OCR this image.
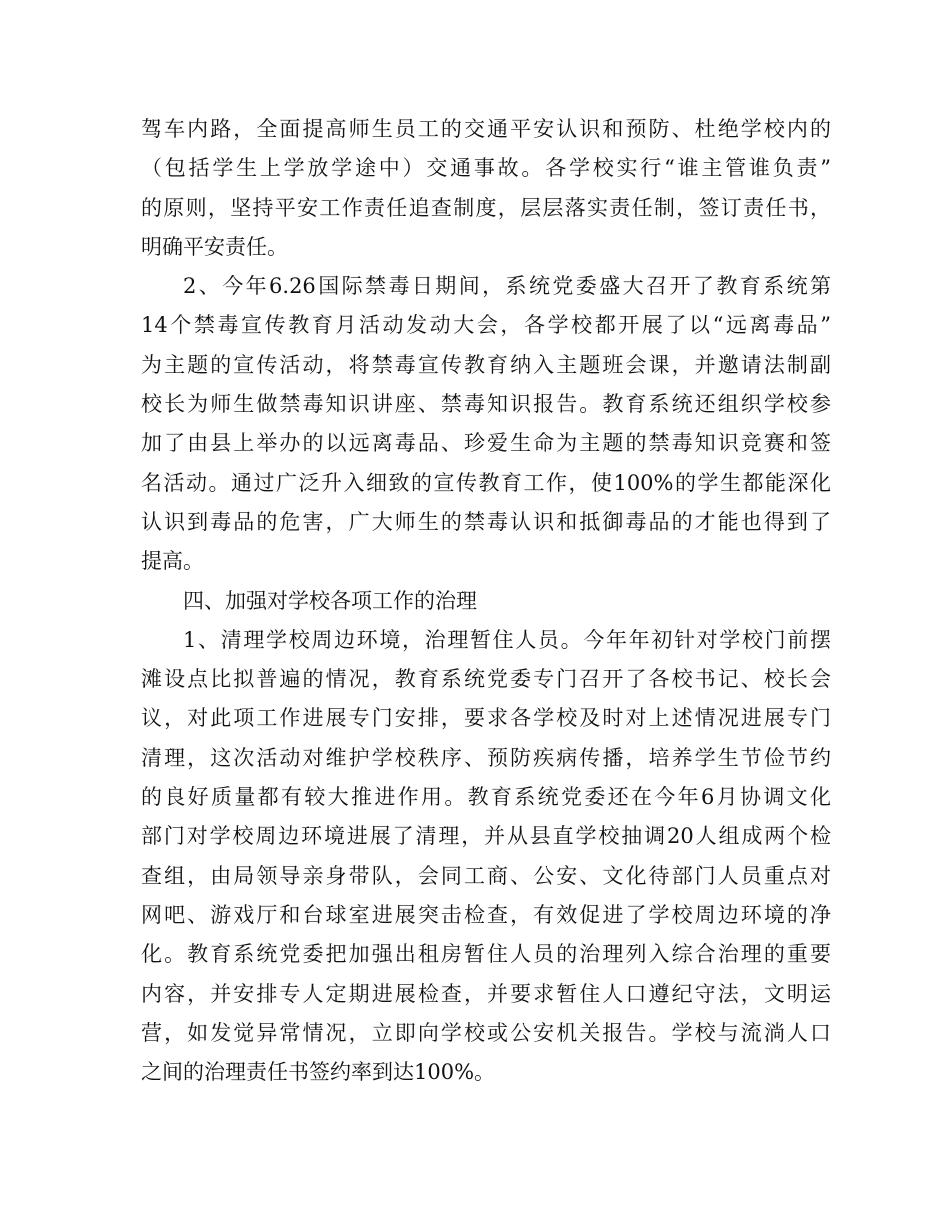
驾车内路，全面提高师生员工的交通平安认识和预防、杜绝学校内的
（包括学生上学放学途中）交通事故。各学校实行“谁主管谁负责”
的原则，坚持平安工作责任追查制度，层层落实责任制，签订责任书，
明确平安责任。
2、今年6.26国际禁毒日期间，系统党委盛大召开了教育系统第
14个禁毒宣传教育月活动发动大会，各学校都开展了以“远离毒品”
为主题的宣传活动，将禁毒宣传教育纳入主题班会课，并邀请法制副
校长为师生做禁毒知识讲座、禁毒知识报告。教育系统还组织学校参
加了由县上举办的以远离毒品、珍爱生命为主题的禁毒知识竞赛和签
名活动。通过广泛升入细致的宣传教育工作，使100%的学生都能深化
认识到毒品的危害，广大师生的禁毒认识和抵御毒品的才能也得到了
提高。
四、加强对学校各项工作的治理
1、清理学校周边环境，治理暂住人员。今年年初针对学校门前摆
滩设点比拟普遍的情况，教育系统党委专门召开了各校书记、校长会
议，对此项工作进展专门安排，要求各学校及时对上述情况进展专门
清理，这次活动对维护学校秩序、预防疾病传播，培养学生节俭节约
的良好质量都有较大推进作用。教育系统党委还在今年6月协调文化
部门对学校周边环境进展了清理，并从县直学校抽调20人组成两个检
查组，由局领导亲身带队，会同工商、公安、文化待部门人员重点对
网吧、游戏厅和台球室进展突击检查，有效促进了学校周边环境的净
化。教育系统党委把加强出租房暂住人员的治理列入综合治理的重要
内容，并安排专人定期进展检查，并要求暂住人口遵纪守法，文明运
营，如发觉异常情况，立即向学校或公安机关报告。学校与流淌人口
之间的治理责任书签约率到达100%。
